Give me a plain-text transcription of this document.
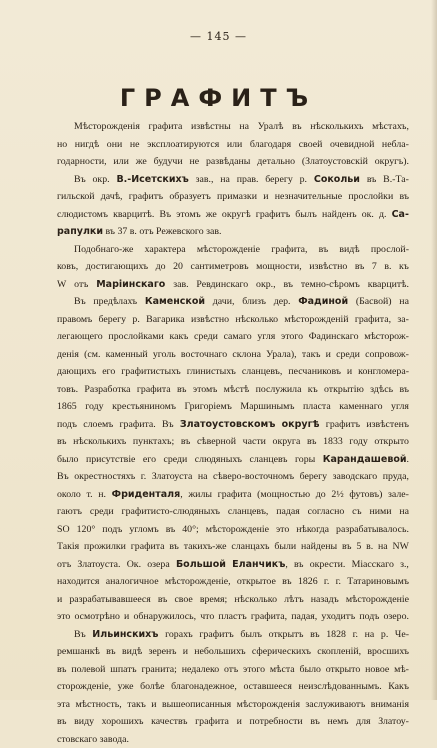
— 145 —
ГРАФИТЪ
Мѣсторожденія графита извѣстны на Уралѣ въ нѣсколькихъ мѣстахъ,
но нигдѣ они не эксплоатируются или благодаря своей очевидной небла-
годарности, или же будучи не развѣданы детально (Златоустовскій округъ).
Въ окр. В.-Исетскихъ зав., на прав. берегу р. Сокольи въ В.-Та-
гильской дачѣ, графитъ образуетъ примазки и незначительные прослойки въ
слюдистомъ кварцитѣ. Въ этомъ же округѣ графитъ былъ найденъ ок. д. Са-
рапулки въ 37 в. отъ Режевского зав.
Подобнаго-же характера мѣсторожденіе графита, въ видѣ прослой-
ковъ, достигающихъ до 20 сантиметровъ мощности, извѣстно въ 7 в. къ
W отъ Маріинскаго зав. Ревдинскаго окр., въ темно-сѣромъ кварцитѣ.
Въ предѣлахъ Каменской дачи, близъ дер. Фадиной (Басвой) на
правомъ берегу р. Вагарика извѣстно нѣсколько мѣсторожденій графита, за-
легающего прослойками какъ среди самаго угля этого Фадинскаго мѣсторож-
денія (см. каменный уголь восточнаго склона Урала), такъ и среди сопровож-
дающихъ его графитистыхъ глинистыхъ сланцевъ, песчаниковъ и конгломера-
товъ. Разработка графита въ этомъ мѣстѣ послужила къ открытію здѣсь въ
1865 году крестьяниномъ Григоріемъ Маршинымъ пласта каменнаго угля
подъ слоемъ графита. Въ Златоустовскомъ округѣ графитъ извѣстенъ
въ нѣсколькихъ пунктахъ; въ сѣверной части округа въ 1833 году открыто
было присутствіе его среди слюдяныхъ сланцевъ горы Карандашевой.
Въ окрестностяхъ г. Златоуста на сѣверо-восточномъ берегу заводскаго пруда,
около т. н. Фриденталя, жилы графита (мощностью до 2½ футовъ) зале-
гаютъ среди графитисто-слюдяныхъ сланцевъ, падая согласно съ ними на
SO 120° подъ угломъ въ 40°; мѣсторожденіе это нѣкогда разрабатывалось.
Такія прожилки графита въ такихъ-же сланцахъ были найдены въ 5 в. на NW
отъ Златоуста. Ок. озера Большой Еланчикъ, въ окрести. Міасскаго з.,
находится аналогичное мѣсторожденіе, открытое въ 1826 г. г. Татариновымъ
и разрабатывавшееся въ свое время; нѣсколько лѣтъ назадъ мѣсторожденіе
это осмотрѣно и обнаружилось, что пластъ графита, падая, уходитъ подъ озеро.
Въ Ильинскихъ горахъ графитъ былъ открытъ въ 1828 г. на р. Че-
ремшанкѣ въ видѣ зеренъ и небольшихъ сферическихъ скопленій, вросшихъ
въ полевой шпатъ гранита; недалеко отъ этого мѣста было открыто новое мѣ-
сторожденіе, уже болѣе благонадежное, оставшееся неизслѣдованнымъ. Какъ
эта мѣстность, такъ и вышеописанныя мѣсторожденія заслуживаютъ вниманія
въ виду хорошихъ качествъ графита и потребности въ немъ для Златоу-
стовскаго завода.
